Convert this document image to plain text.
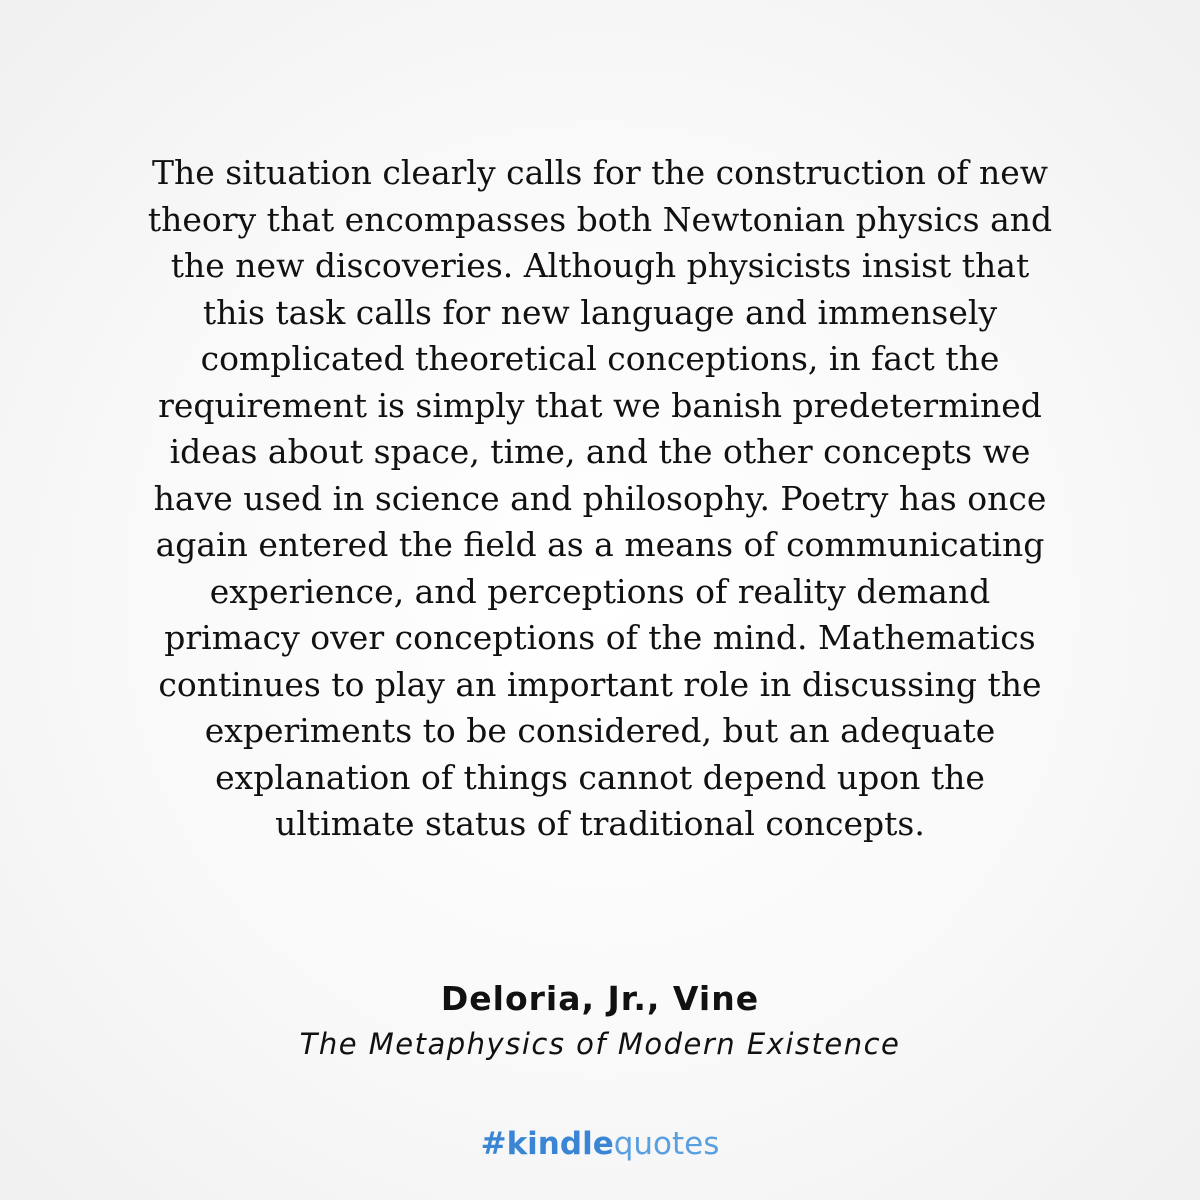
The situation clearly calls for the construction of new
theory that encompasses both Newtonian physics and
the new discoveries. Although physicists insist that
this task calls for new language and immensely
complicated theoretical conceptions, in fact the
requirement is simply that we banish predetermined
ideas about space, time, and the other concepts we
have used in science and philosophy. Poetry has once
again entered the field as a means of communicating
experience, and perceptions of reality demand
primacy over conceptions of the mind. Mathematics
continues to play an important role in discussing the
experiments to be considered, but an adequate
explanation of things cannot depend upon the
ultimate status of traditional concepts.

Deloria, Jr., Vine
The Metaphysics of Modern Existence
#kindlequotes
